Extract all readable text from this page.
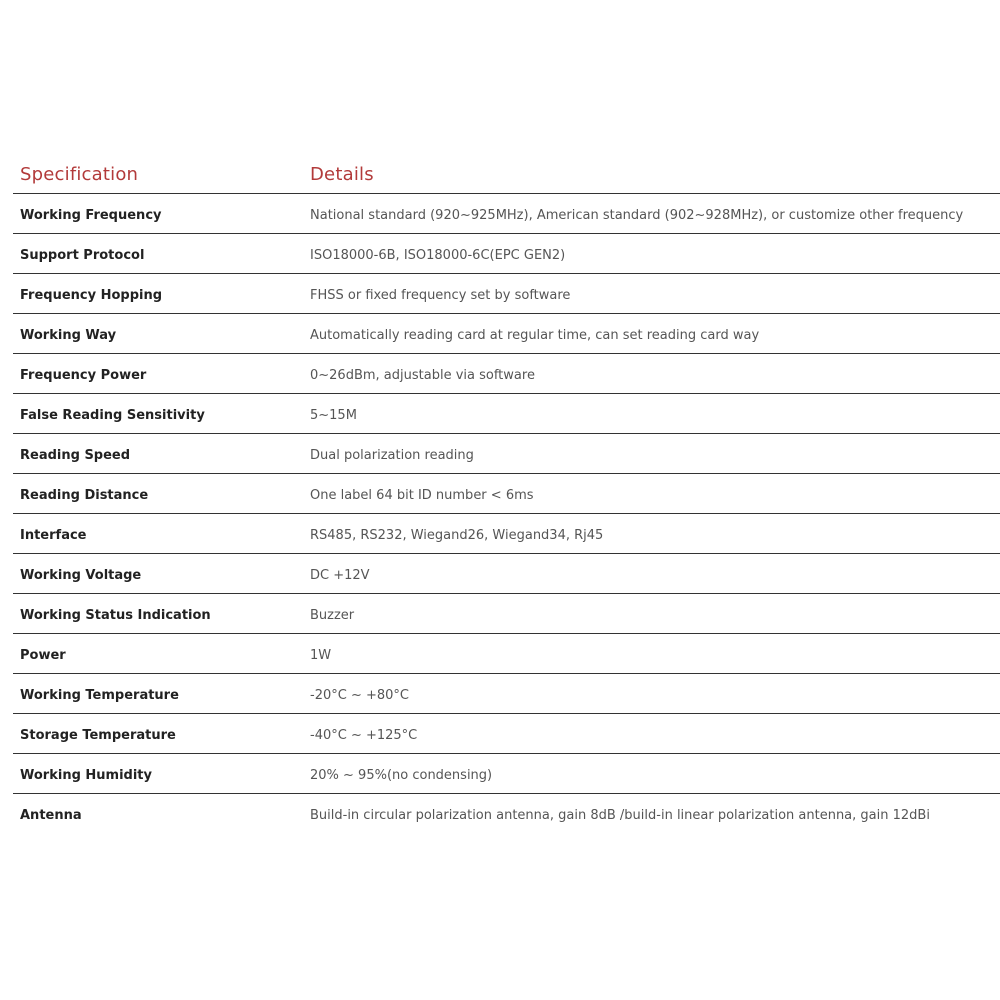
Specification	Details
Working Frequency	National standard (920~925MHz), American standard (902~928MHz), or customize other frequency
Support Protocol	ISO18000-6B, ISO18000-6C(EPC GEN2)
Frequency Hopping	FHSS or fixed frequency set by software
Working Way	Automatically reading card at regular time, can set reading card way
Frequency Power	0~26dBm, adjustable via software
False Reading Sensitivity	5~15M
Reading Speed	Dual polarization reading
Reading Distance	One label 64 bit ID number < 6ms
Interface	RS485, RS232, Wiegand26, Wiegand34, Rj45
Working Voltage	DC +12V
Working Status Indication	Buzzer
Power	1W
Working Temperature	-20°C ~ +80°C
Storage Temperature	-40°C ~ +125°C
Working Humidity	20% ~ 95%(no condensing)
Antenna	Build-in circular polarization antenna, gain 8dB /build-in linear polarization antenna, gain 12dBi
